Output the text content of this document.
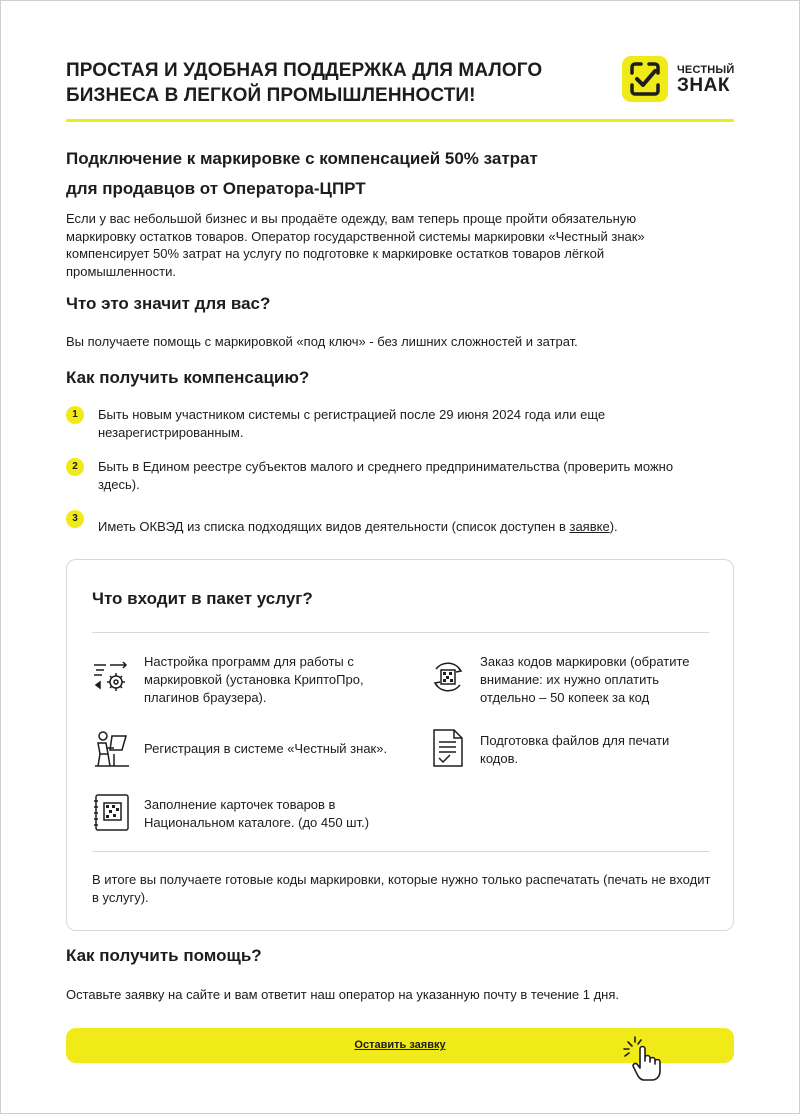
ПРОСТАЯ И УДОБНАЯ ПОДДЕРЖКА ДЛЯ МАЛОГО БИЗНЕСА В ЛЕГКОЙ ПРОМЫШЛЕННОСТИ!
ЧЕСТНЫЙ
ЗНАК
Подключение к маркировке с компенсацией 50% затрат
для продавцов от Оператора-ЦПРТ

Если у вас небольшой бизнес и вы продаёте одежду, вам теперь проще пройти обязательную маркировку остатков товаров. Оператор государственной системы маркировки «Честный знак» компенсирует 50% затрат на услугу по подготовке к маркировке остатков товаров лёгкой промышленности.

Что это значит для вас?

Вы получаете помощь с маркировкой «под ключ» - без лишних сложностей и затрат.

Как получить компенсацию?
1	Быть новым участником системы с регистрацией после 29 июня 2024 года или еще незарегистрированным.
2	Быть в Едином реестре субъектов малого и среднего предпринимательства (проверить можно здесь).
3
Иметь ОКВЭД из списка подходящих видов деятельности (список доступен в заявке).
Что входит в пакет услуг?
Настройка программ для работы с
маркировкой (установка КриптоПро,
плагинов браузера).
Заказ кодов маркировки (обратите
внимание: их нужно оплатить
отдельно – 50 копеек за код
Регистрация в системе «Честный знак».
Подготовка файлов для печати
кодов.
Заполнение карточек товаров в
Национальном каталоге. (до 450 шт.)

В итоге вы получаете готовые коды маркировки, которые нужно только распечатать (печать не входит в услугу).

Как получить помощь?

Оставьте заявку на сайте и вам ответит наш оператор на указанную почту в течение 1 дня.

Оставить заявку
